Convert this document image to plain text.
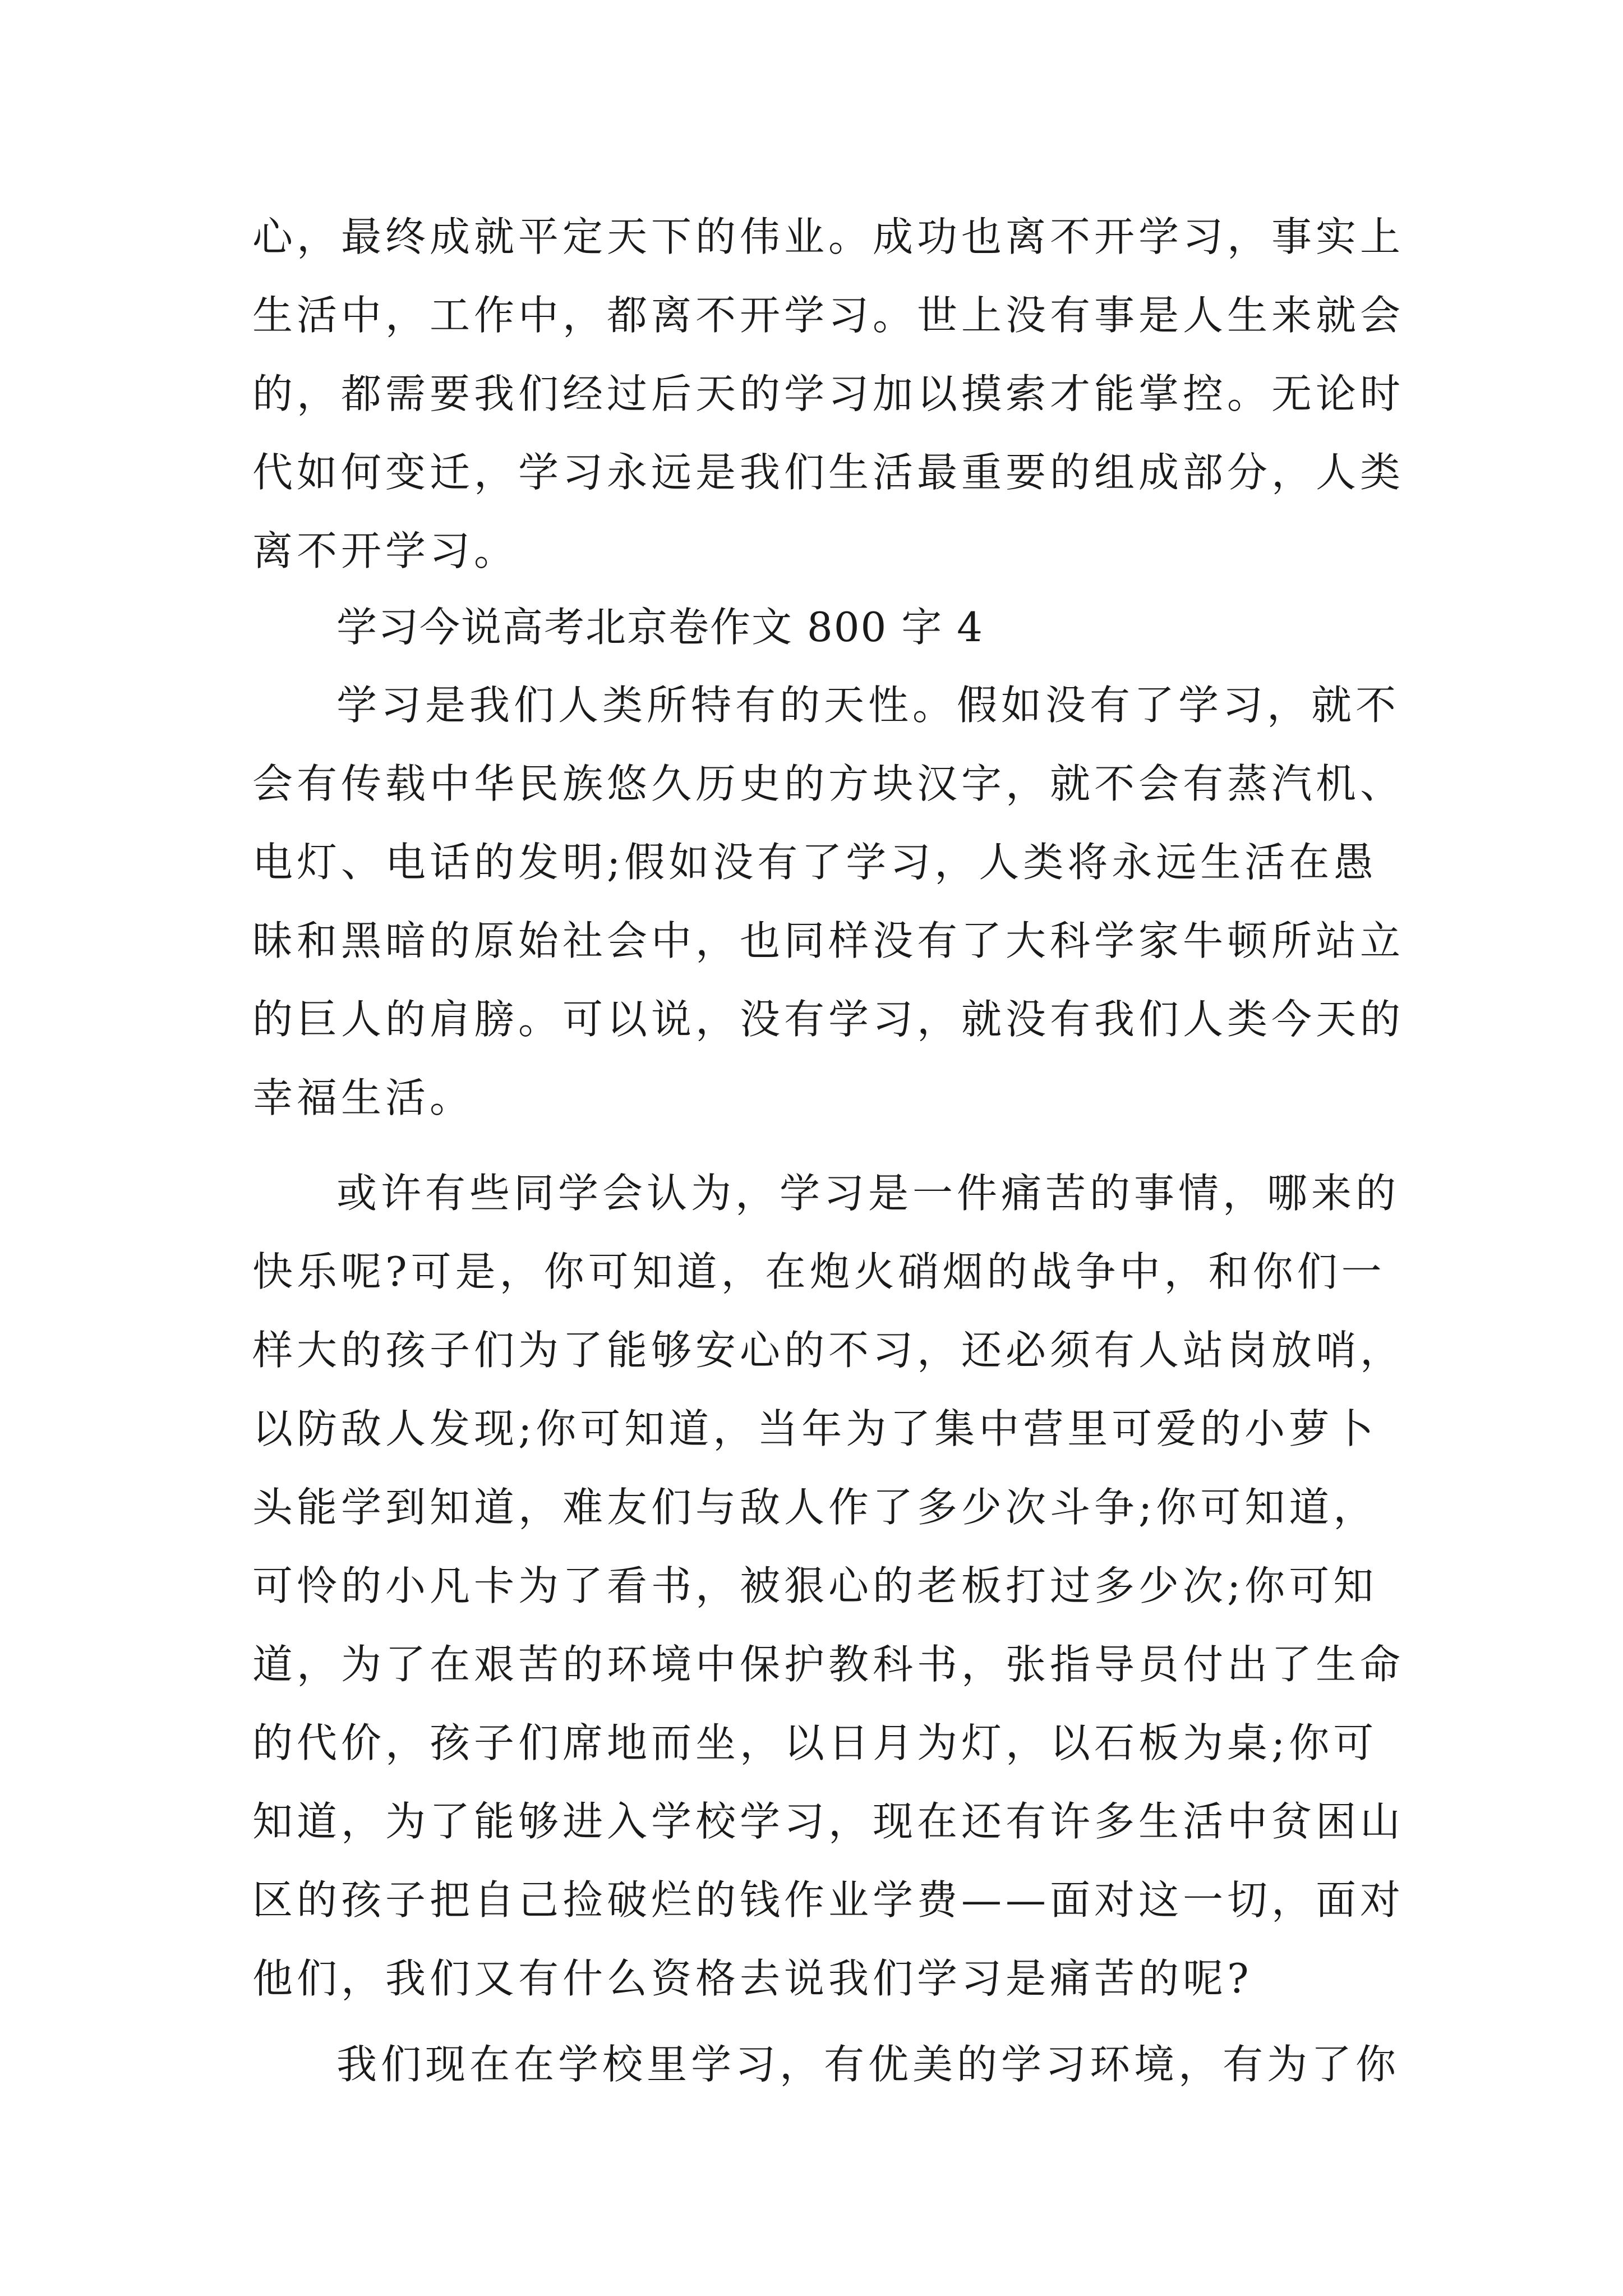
心，最终成就平定天下的伟业。成功也离不开学习，事实上
生活中，工作中，都离不开学习。世上没有事是人生来就会
的，都需要我们经过后天的学习加以摸索才能掌控。无论时
代如何变迁，学习永远是我们生活最重要的组成部分，人类
离不开学习。
学习今说高考北京卷作文 800 字 4
学习是我们人类所特有的天性。假如没有了学习，就不
会有传载中华民族悠久历史的方块汉字，就不会有蒸汽机、
电灯、电话的发明;假如没有了学习，人类将永远生活在愚
昧和黑暗的原始社会中，也同样没有了大科学家牛顿所站立
的巨人的肩膀。可以说，没有学习，就没有我们人类今天的
幸福生活。
或许有些同学会认为，学习是一件痛苦的事情，哪来的
快乐呢?可是，你可知道，在炮火硝烟的战争中，和你们一
样大的孩子们为了能够安心的不习，还必须有人站岗放哨，
以防敌人发现;你可知道，当年为了集中营里可爱的小萝卜
头能学到知道，难友们与敌人作了多少次斗争;你可知道，
可怜的小凡卡为了看书，被狠心的老板打过多少次;你可知
道，为了在艰苦的环境中保护教科书，张指导员付出了生命
的代价，孩子们席地而坐，以日月为灯，以石板为桌;你可
知道，为了能够进入学校学习，现在还有许多生活中贫困山
区的孩子把自己捡破烂的钱作业学费——面对这一切，面对
他们，我们又有什么资格去说我们学习是痛苦的呢?
我们现在在学校里学习，有优美的学习环境，有为了你
